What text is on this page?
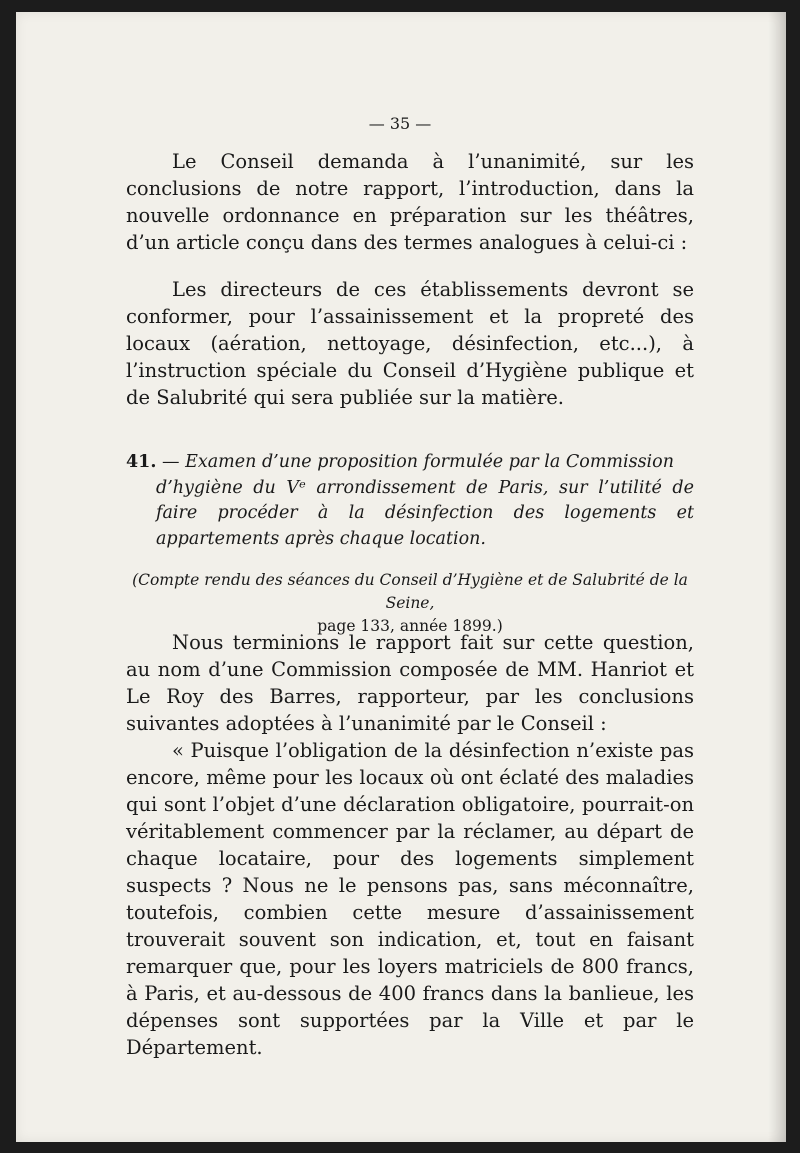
— 35 —

Le Conseil demanda à l’unanimité, sur les conclusions de notre rapport, l’introduction, dans la nouvelle ordonnance en préparation sur les théâtres, d’un article conçu dans des termes analogues à celui-ci :

Les directeurs de ces établissements devront se conformer, pour l’assainissement et la propreté des locaux (aération, nettoyage, désinfection, etc...), à l’instruction spéciale du Conseil d’Hygiène publique et de Salubrité qui sera publiée sur la matière.

41. — Examen d’une proposition formulée par la Commission
d’hygiène du Vᵉ arrondissement de Paris, sur l’utilité de faire procéder à la désinfection des logements et appartements après chaque location.
(Compte rendu des séances du Conseil d’Hygiène et de Salubrité de la Seine,
page 133, année 1899.)

Nous terminions le rapport fait sur cette question, au nom d’une Commission composée de MM. Hanriot et Le Roy des Barres, rapporteur, par les conclusions suivantes adoptées à l’unanimité par le Conseil :

« Puisque l’obligation de la désinfection n’existe pas encore, même pour les locaux où ont éclaté des maladies qui sont l’objet d’une déclaration obligatoire, pourrait-on véritablement commencer par la réclamer, au départ de chaque locataire, pour des logements simplement suspects ? Nous ne le pensons pas, sans méconnaître, toutefois, combien cette mesure d’assainissement trouverait souvent son indication, et, tout en faisant remarquer que, pour les loyers matriciels de 800 francs, à Paris, et au-dessous de 400 francs dans la banlieue, les dépenses sont supportées par la Ville et par le Département.
